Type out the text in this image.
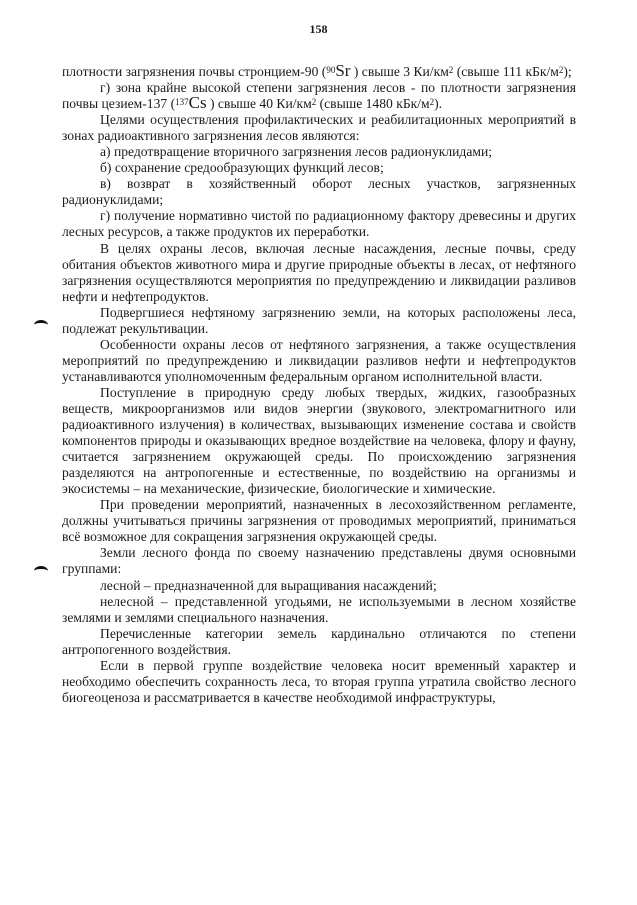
158

плотности загрязнения почвы стронцием-90 ($^{90}$Sr ) свыше 3 $Ки/км^2$ (свыше 111 кБк/$м^2$);

г) зона крайне высокой степени загрязнения лесов - по плотности загрязнения почвы цезием-137 ($^{137}$Cs ) свыше 40 $Ки/км^2$ (свыше 1480 кБк/$м^2$).

Целями осуществления профилактических и реабилитационных мероприятий в зонах радиоактивного загрязнения лесов являются:

а) предотвращение вторичного загрязнения лесов радионуклидами;

б) сохранение средообразующих функций лесов;

в) возврат в хозяйственный оборот лесных участков, загрязненных радионуклидами;

г) получение нормативно чистой по радиационному фактору древесины и других лесных ресурсов, а также продуктов их переработки.

В целях охраны лесов, включая лесные насаждения, лесные почвы, среду обитания объектов животного мира и другие природные объекты в лесах, от нефтяного загрязнения осуществляются мероприятия по предупреждению и ликвидации разливов нефти и нефтепродуктов.

Подвергшиеся нефтяному загрязнению земли, на которых расположены леса, подлежат рекультивации.

Особенности охраны лесов от нефтяного загрязнения, а также осуществления мероприятий по предупреждению и ликвидации разливов нефти и нефтепродуктов устанавливаются уполномоченным федеральным органом исполнительной власти.

Поступление в природную среду любых твердых, жидких, газообразных веществ, микроорганизмов или видов энергии (звукового, электромагнитного или радиоактивного излучения) в количествах, вызывающих изменение состава и свойств компонентов природы и оказывающих вредное воздействие на человека, флору и фауну, считается загрязнением окружающей среды. По происхождению загрязнения разделяются на антропогенные и естественные, по воздействию на организмы и экосистемы – на механические, физические, биологические и химические.

При проведении мероприятий, назначенных в лесохозяйственном регламенте, должны учитываться причины загрязнения от проводимых мероприятий, приниматься всё возможное для сокращения загрязнения окружающей среды.

Земли лесного фонда по своему назначению представлены двумя основными группами:

лесной – предназначенной для выращивания насаждений;

нелесной – представленной угодьями, не используемыми в лесном хозяйстве землями и землями специального назначения.

Перечисленные категории земель кардинально отличаются по степени антропогенного воздействия.

Если в первой группе воздействие человека носит временный характер и необходимо обеспечить сохранность леса, то вторая группа утратила свойство лесного биогеоценоза и рассматривается в качестве необходимой инфраструктуры,
